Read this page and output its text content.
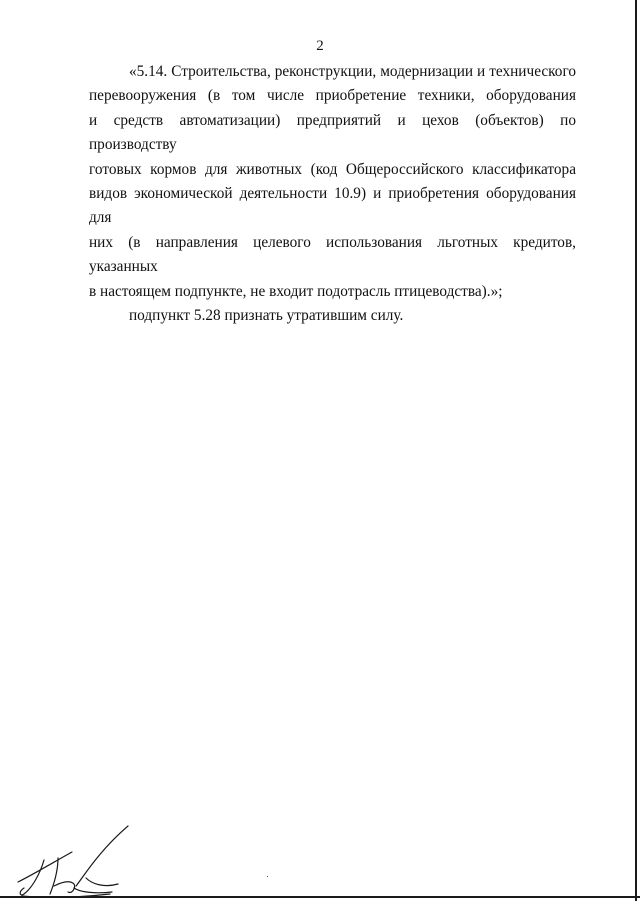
2

«5.14. Строительства, реконструкции, модернизации и технического
перевооружения (в том числе приобретение техники, оборудования
и средств автоматизации) предприятий и цехов (объектов) по производству
готовых кормов для животных (код Общероссийского классификатора
видов экономической деятельности 10.9) и приобретения оборудования для
них (в направления целевого использования льготных кредитов, указанных
в настоящем подпункте, не входит подотрасль птицеводства).»;

подпункт 5.28 признать утратившим силу.
